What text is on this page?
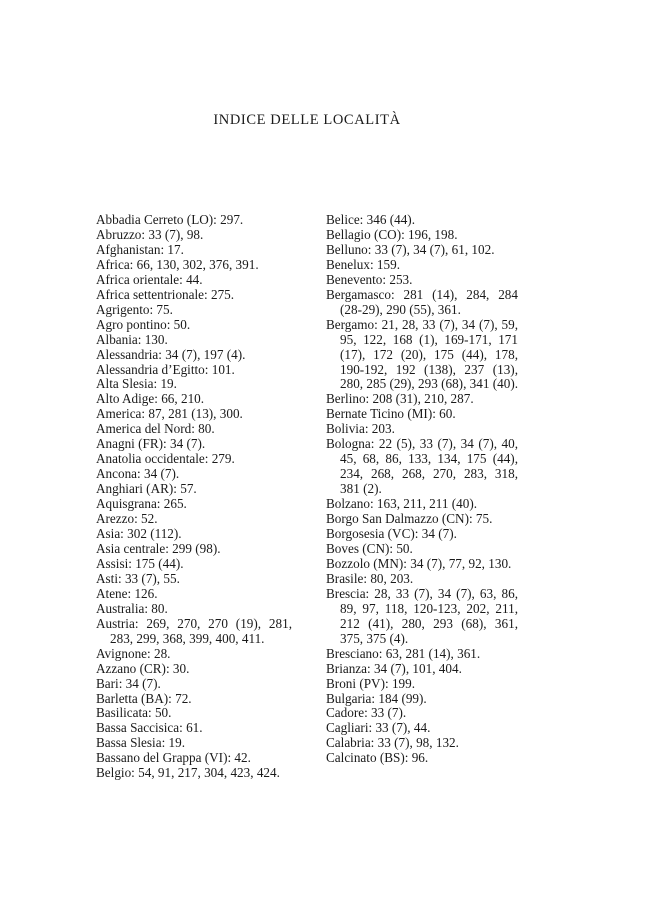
INDICE DELLE LOCALITÀ
Abbadia Cerreto (LO): 297.
Abruzzo: 33 (7), 98.
Afghanistan: 17.
Africa: 66, 130, 302, 376, 391.
Africa orientale: 44.
Africa settentrionale: 275.
Agrigento: 75.
Agro pontino: 50.
Albania: 130.
Alessandria: 34 (7), 197 (4).
Alessandria d’Egitto: 101.
Alta Slesia: 19.
Alto Adige: 66, 210.
America: 87, 281 (13), 300.
America del Nord: 80.
Anagni (FR): 34 (7).
Anatolia occidentale: 279.
Ancona: 34 (7).
Anghiari (AR): 57.
Aquisgrana: 265.
Arezzo: 52.
Asia: 302 (112).
Asia centrale: 299 (98).
Assisi: 175 (44).
Asti: 33 (7), 55.
Atene: 126.
Australia: 80.
Austria: 269, 270, 270 (19), 281, 283, 299, 368, 399, 400, 411.
Avignone: 28.
Azzano (CR): 30.
Bari: 34 (7).
Barletta (BA): 72.
Basilicata: 50.
Bassa Saccisica: 61.
Bassa Slesia: 19.
Bassano del Grappa (VI): 42.
Belgio: 54, 91, 217, 304, 423, 424.
Belice: 346 (44).
Bellagio (CO): 196, 198.
Belluno: 33 (7), 34 (7), 61, 102.
Benelux: 159.
Benevento: 253.
Bergamasco: 281 (14), 284, 284 (28-29), 290 (55), 361.
Bergamo: 21, 28, 33 (7), 34 (7), 59, 95, 122, 168 (1), 169-171, 171 (17), 172 (20), 175 (44), 178, 190-192, 192 (138), 237 (13), 280, 285 (29), 293 (68), 341 (40).
Berlino: 208 (31), 210, 287.
Bernate Ticino (MI): 60.
Bolivia: 203.
Bologna: 22 (5), 33 (7), 34 (7), 40, 45, 68, 86, 133, 134, 175 (44), 234, 268, 268, 270, 283, 318, 381 (2).
Bolzano: 163, 211, 211 (40).
Borgo San Dalmazzo (CN): 75.
Borgosesia (VC): 34 (7).
Boves (CN): 50.
Bozzolo (MN): 34 (7), 77, 92, 130.
Brasile: 80, 203.
Brescia: 28, 33 (7), 34 (7), 63, 86, 89, 97, 118, 120-123, 202, 211, 212 (41), 280, 293 (68), 361, 375, 375 (4).
Bresciano: 63, 281 (14), 361.
Brianza: 34 (7), 101, 404.
Broni (PV): 199.
Bulgaria: 184 (99).
Cadore: 33 (7).
Cagliari: 33 (7), 44.
Calabria: 33 (7), 98, 132.
Calcinato (BS): 96.
